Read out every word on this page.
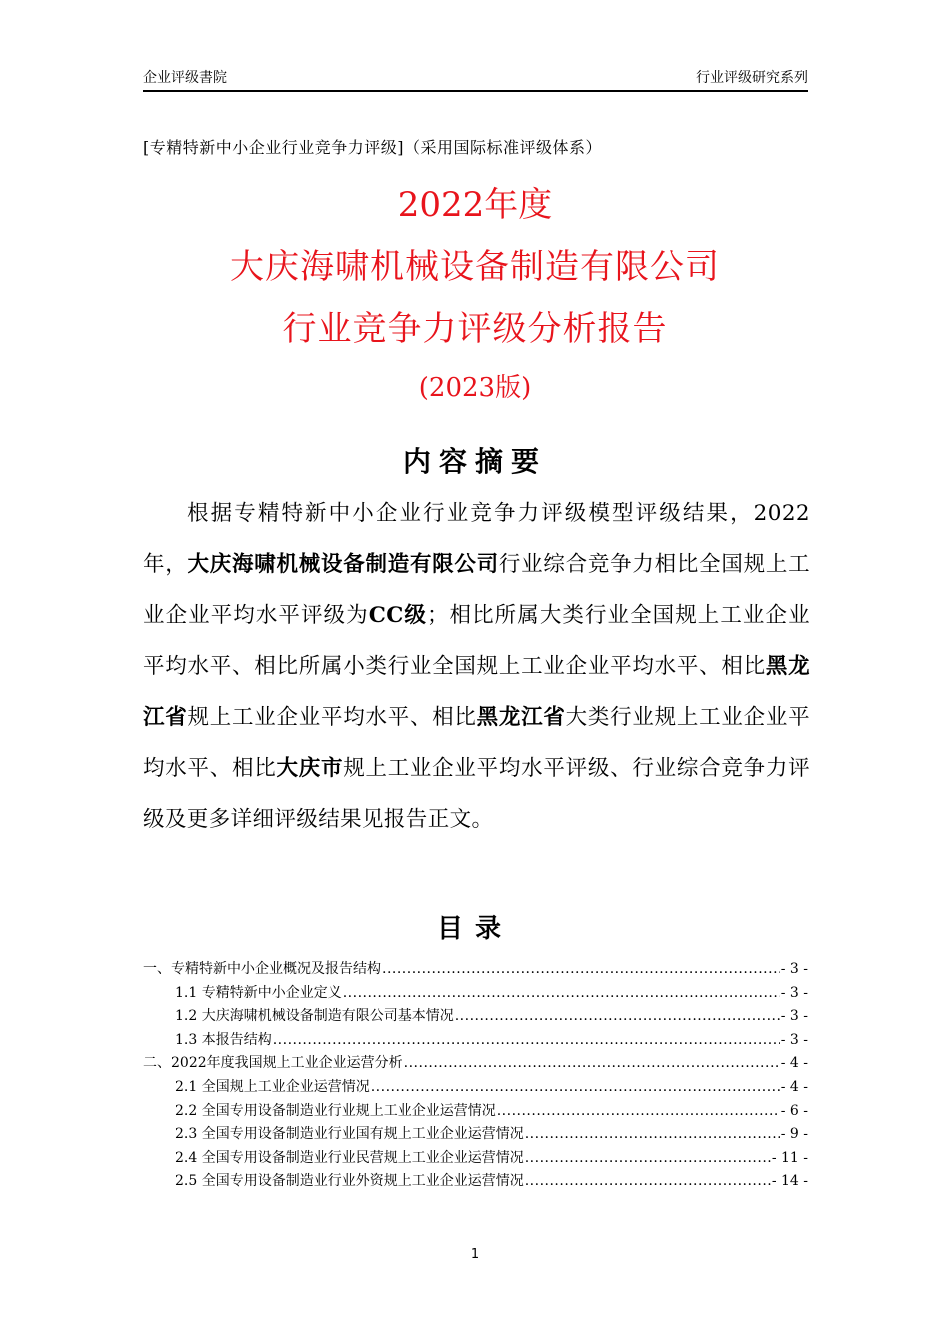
企业评级書院	行业评级研究系列
[专精特新中小企业行业竞争力评级]（采用国际标准评级体系）
2022年度
大庆海啸机械设备制造有限公司
行业竞争力评级分析报告
(2023版)
内容摘要
根据专精特新中小企业行业竞争力评级模型评级结果，2022年，大庆海啸机械设备制造有限公司行业综合竞争力相比全国规上工业企业平均水平评级为CC级；相比所属大类行业全国规上工业企业平均水平、相比所属小类行业全国规上工业企业平均水平、相比黑龙江省规上工业企业平均水平、相比黑龙江省大类行业规上工业企业平均水平、相比大庆市规上工业企业平均水平评级、行业综合竞争力评级及更多详细评级结果见报告正文。
目录
一、专精特新中小企业概况及报告结构 .....	- 3 -
1.1 专精特新中小企业定义 .....	- 3 -
1.2 大庆海啸机械设备制造有限公司基本情况 .....	- 3 -
1.3 本报告结构 .....	- 3 -
二、2022年度我国规上工业企业运营分析 .....	- 4 -
2.1 全国规上工业企业运营情况 .....	- 4 -
2.2 全国专用设备制造业行业规上工业企业运营情况 .....	- 6 -
2.3 全国专用设备制造业行业国有规上工业企业运营情况 .....	- 9 -
2.4 全国专用设备制造业行业民营规上工业企业运营情况 .....	- 11 -
2.5 全国专用设备制造业行业外资规上工业企业运营情况 .....	- 14 -
1
